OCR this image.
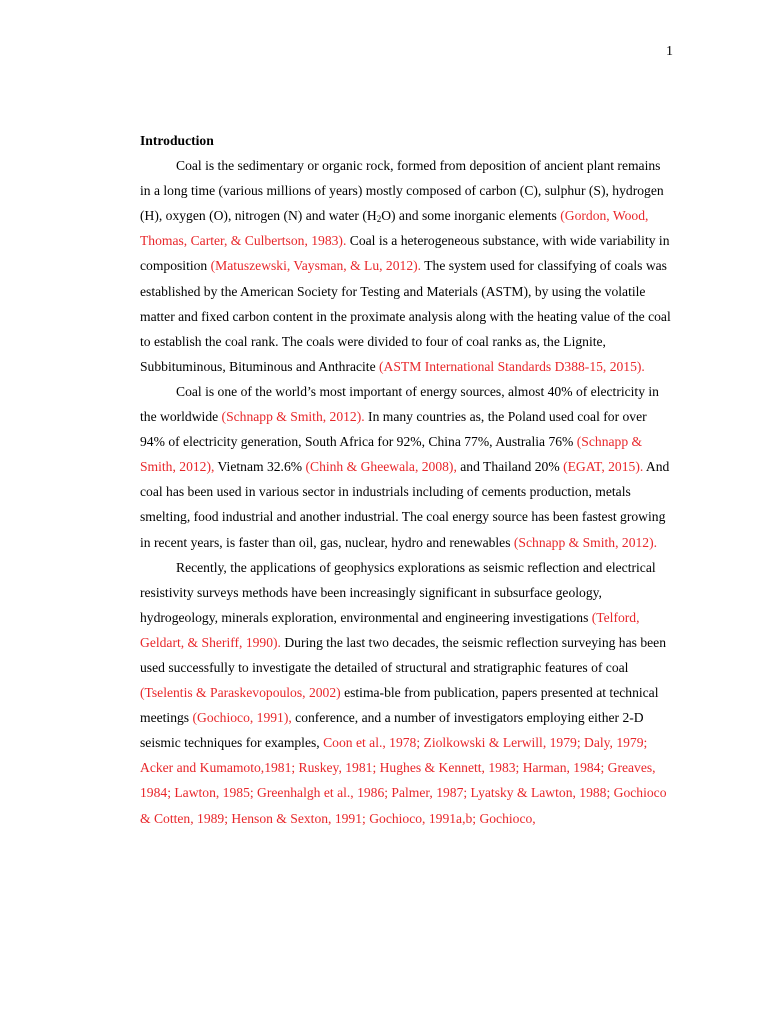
1

Introduction

Coal is the sedimentary or organic rock, formed from deposition of ancient plant remains in a long time (various millions of years) mostly composed of carbon (C), sulphur (S), hydrogen (H), oxygen (O), nitrogen (N) and water $(H_2O)$ and some inorganic elements (Gordon, Wood, Thomas, Carter, & Culbertson, 1983). Coal is a heterogeneous substance, with wide variability in composition (Matuszewski, Vaysman, & Lu, 2012). The system used for classifying of coals was established by the American Society for Testing and Materials (ASTM), by using the volatile matter and fixed carbon content in the proximate analysis along with the heating value of the coal to establish the coal rank. The coals were divided to four of coal ranks as, the Lignite, Subbituminous, Bituminous and Anthracite (ASTM International Standards D388-15, 2015).

Coal is one of the world’s most important of energy sources, almost 40% of electricity in the worldwide (Schnapp & Smith, 2012). In many countries as, the Poland used coal for over 94% of electricity generation, South Africa for 92%, China 77%, Australia 76% (Schnapp & Smith, 2012), Vietnam 32.6% (Chinh & Gheewala, 2008), and Thailand 20% (EGAT, 2015). And coal has been used in various sector in industrials including of cements production, metals smelting, food industrial and another industrial. The coal energy source has been fastest growing in recent years, is faster than oil, gas, nuclear, hydro and renewables (Schnapp & Smith, 2012).

Recently, the applications of geophysics explorations as seismic reflection and electrical resistivity surveys methods have been increasingly significant in subsurface geology, hydrogeology, minerals exploration, environmental and engineering investigations (Telford, Geldart, & Sheriff, 1990). During the last two decades, the seismic reflection surveying has been used successfully to investigate the detailed of structural and stratigraphic features of coal (Tselentis & Paraskevopoulos, 2002) estima-ble from publication, papers presented at technical meetings (Gochioco, 1991), conference, and a number of investigators employing either 2-D seismic techniques for examples, Coon et al., 1978; Ziolkowski & Lerwill, 1979; Daly, 1979; Acker and Kumamoto,1981; Ruskey, 1981; Hughes & Kennett, 1983; Harman, 1984; Greaves, 1984; Lawton, 1985; Greenhalgh et al., 1986; Palmer, 1987; Lyatsky & Lawton, 1988; Gochioco & Cotten, 1989; Henson & Sexton, 1991; Gochioco, 1991a,b; Gochioco,
